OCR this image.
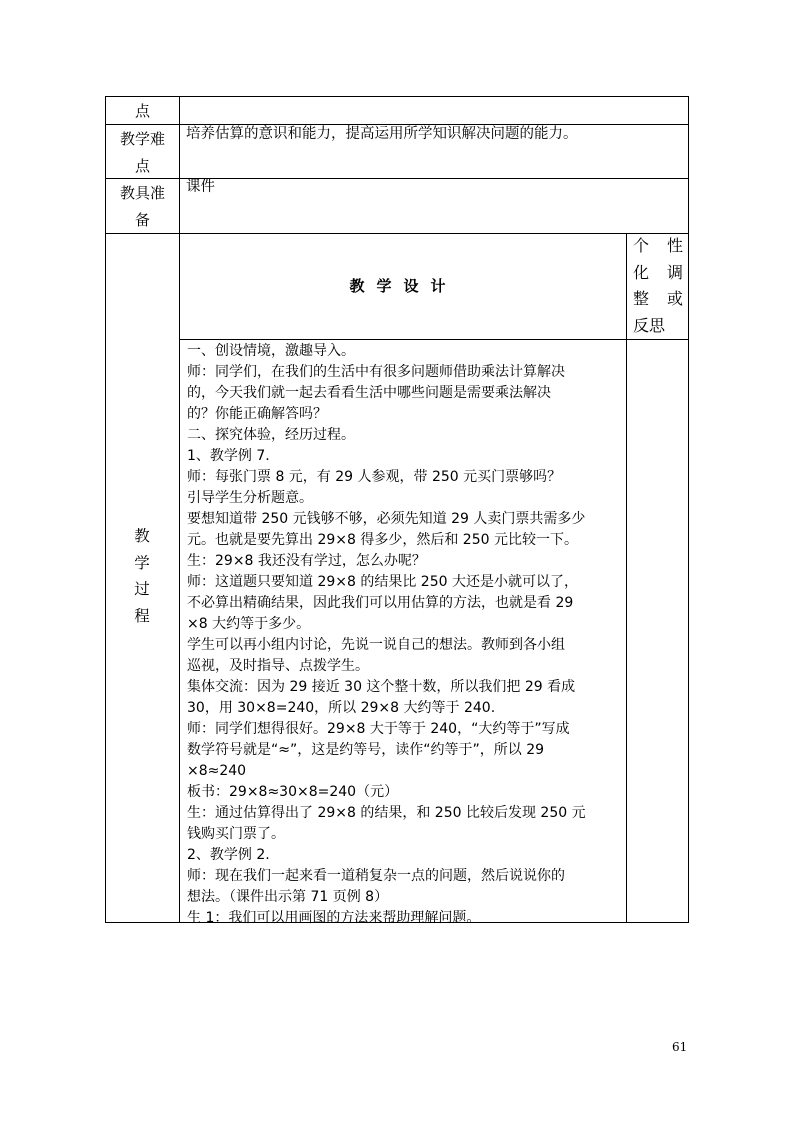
点
教学难
点
培养估算的意识和能力，提高运用所学知识解决问题的能力。
教具准
备
课件
教
学
过
程
教学设计
个 性
化 调
整 或
反思
一、创设情境，激趣导入。
师：同学们，在我们的生活中有很多问题师借助乘法计算解决
的，今天我们就一起去看看生活中哪些问题是需要乘法解决
的？你能正确解答吗？
二、探究体验，经历过程。
1、教学例 7.
师：每张门票 8 元，有 29 人参观，带 250 元买门票够吗？
引导学生分析题意。
要想知道带 250 元钱够不够，必须先知道 29 人卖门票共需多少
元。也就是要先算出 29×8 得多少，然后和 250 元比较一下。
生：29×8 我还没有学过，怎么办呢？
师：这道题只要知道 29×8 的结果比 250 大还是小就可以了，
不必算出精确结果，因此我们可以用估算的方法，也就是看 29
×8 大约等于多少。
学生可以再小组内讨论，先说一说自己的想法。教师到各小组
巡视，及时指导、点拨学生。
集体交流：因为 29 接近 30 这个整十数，所以我们把 29 看成
30，用 30×8=240，所以 29×8 大约等于 240.
师：同学们想得很好。29×8 大于等于 240，“大约等于”写成
数学符号就是“≈”，这是约等号，读作“约等于”，所以 29
×8≈240
板书：29×8≈30×8=240（元）
生：通过估算得出了 29×8 的结果，和 250 比较后发现 250 元
钱购买门票了。
2、教学例 2.
师：现在我们一起来看一道稍复杂一点的问题，然后说说你的
想法。（课件出示第 71 页例 8）
生 1：我们可以用画图的方法来帮助理解问题。
61
